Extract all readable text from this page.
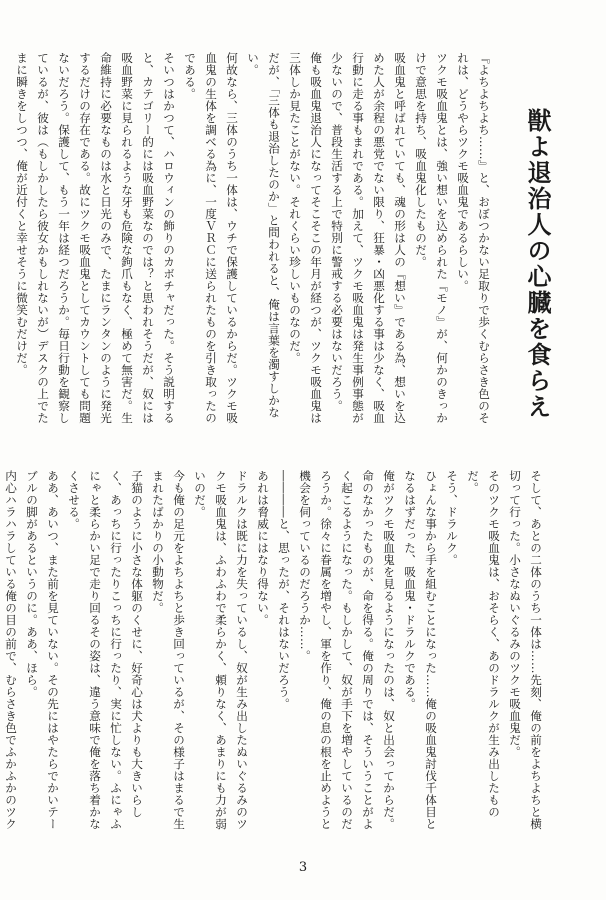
獣よ退治人の心臓を食らえ

『よちよちよち……』と、おぼつかない足取りで歩くむらさき色のそれは、どうやらツクモ吸血鬼であるらしい。

ツクモ吸血鬼とは、強い想いを込められた『モノ』が、何かのきっかけで意思を持ち、吸血鬼化したものだ。

吸血鬼と呼ばれていても、魂の形は人の『想い』である為、想いを込めた人が余程の悪党でない限り、狂暴・凶悪化する事は少なく、吸血行動に走る事もまれである。加えて、ツクモ吸血鬼は発生事例事態が少ないので、普段生活する上で特別に警戒する必要はないだろう。

俺も吸血鬼退治人になってそこそこの年月が経つが、ツクモ吸血鬼は三体しか見たことがない。それくらい珍しいものなのだ。

だが、「三体も退治したのか」と問われると、俺は言葉を濁すしかない。

何故なら、三体のうち一体は、ウチで保護しているからだ。ツクモ吸血鬼の生体を調べる為に、一度ＶＲＣに送られたものを引き取ったのである。

そいつはかつて、ハロウィンの飾りのカボチャだった。そう説明すると、カテゴリー的には吸血野菜なのでは？と思われそうだが、奴には吸血野菜に見られるような牙も危険な鉤爪もなく、極めて無害だ。生命維持に必要なものは水と日光のみで、たまにランタンのように発光するだけの存在である。故にツクモ吸血鬼としてカウントしても問題ないだろう。保護して、もう一年は経つだろうか。毎日行動を観察しているが、彼は（もしかしたら彼女かもしれないが）デスクの上でたまに瞬きをしつつ、俺が近付くと幸せそうに微笑むだけだ。

そして、あとの二体のうち一体は……先刻、俺の前をよちよちと横切って行った。小さなぬいぐるみのツクモ吸血鬼だ。

そのツクモ吸血鬼は、おそらく、あのドラルクが生み出したものだ。

そう、ドラルク。

ひょんな事から手を組むことになった……俺の吸血鬼討伐千体目となるはずだった、吸血鬼・ドラルクである。

俺がツクモ吸血鬼を見るようになったのは、奴と出会ってからだ。

命のなかったものが、命を得る。俺の周りでは、そういうことがよく起こるようになった。もしかして、奴が手下を増やしているのだろうか。徐々に眷属を増やし、軍を作り、俺の息の根を止めようと機会を伺っているのだろうか……。

――――と、思ったが、それはないだろう。

あれは脅威にはなり得ない。

ドラルクは既に力を失っているし、奴が生み出したぬいぐるみのツクモ吸血鬼は、ふわふわで柔らかく、頼りなく、あまりにも力が弱いのだ。

今も俺の足元をよちよちと歩き回っているが、その様子はまるで生まれたばかりの小動物だ。

子猫のように小さな体躯のくせに、好奇心は犬よりも大きいらしく、あっちに行ったりこっちに行ったり、実に忙しない。ふにゃふにゃと柔らかい足で走り回るその姿は、違う意味で俺を落ち着かなくさせる。

ああ、あいつ、また前を見ていない。その先にはやたらでかいテーブルの脚があるというのに。ああ、ほら。

内心ハラハラしている俺の目の前で、むらさき色でふかふかのツク

3
